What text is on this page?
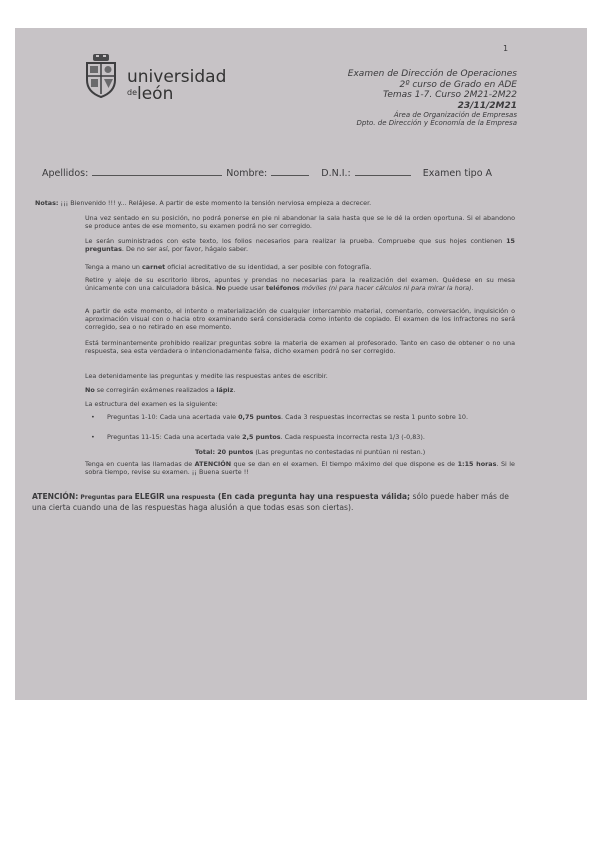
1
universidad
$^{de}$león
Examen de Dirección de Operaciones
2º curso de Grado en ADE
Temas 1-7. Curso 2M21-2M22
23/11/2M21
Área de Organización de Empresas
Dpto. de Dirección y Economía de la Empresa
Apellidos:	Nombre:	D.N.I.:	Examen tipo A
Notas: ¡¡¡ Bienvenido !!! y... Relájese. A partir de este momento la tensión nerviosa empieza a decrecer.
Una vez sentado en su posición, no podrá ponerse en pie ni abandonar la sala hasta que se le dé la orden oportuna. Si el abandono se produce antes de ese momento, su examen podrá no ser corregido.
Le serán suministrados con este texto, los folios necesarios para realizar la prueba. Compruebe que sus hojes contienen 15 preguntas. De no ser así, por favor, hágalo saber.
Tenga a mano un carnet oficial acreditativo de su identidad, a ser posible con fotografía.
Retire y aleje de su escritorio libros, apuntes y prendas no necesarias para la realización del examen. Quédese en su mesa únicamente con una calculadora básica. No puede usar teléfonos móviles (ni para hacer cálculos ni para mirar la hora).
A partir de este momento, el intento o materialización de cualquier intercambio material, comentario, conversación, inquisición o aproximación visual con o hacia otro examinando será considerada como intento de copiado. El examen de los infractores no será corregido, sea o no retirado en ese momento.
Está terminantemente prohibido realizar preguntas sobre la materia de examen al profesorado. Tanto en caso de obtener o no una respuesta, sea esta verdadera o intencionadamente falsa, dicho examen podrá no ser corregido.
Lea detenidamente las preguntas y medite las respuestas antes de escribir.
No se corregirán exámenes realizados a lápiz.
La estructura del examen es la siguiente:
• Preguntas 1-10: Cada una acertada vale 0,75 puntos. Cada 3 respuestas incorrectas se resta 1 punto sobre 10.
• Preguntas 11-15: Cada una acertada vale 2,5 puntos. Cada respuesta incorrecta resta 1/3 (-0,83).
Total: 20 puntos (Las preguntas no contestadas ni puntúan ni restan.)
Tenga en cuenta las llamadas de ATENCIÓN que se dan en el examen. El tiempo máximo del que dispone es de 1:15 horas. Si le sobra tiempo, revise su examen. ¡¡ Buena suerte !!
ATENCIÓN: Preguntas para ELEGIR una respuesta (En cada pregunta hay una respuesta válida; sólo puede haber más de una cierta cuando una de las respuestas haga alusión a que todas esas son ciertas).
